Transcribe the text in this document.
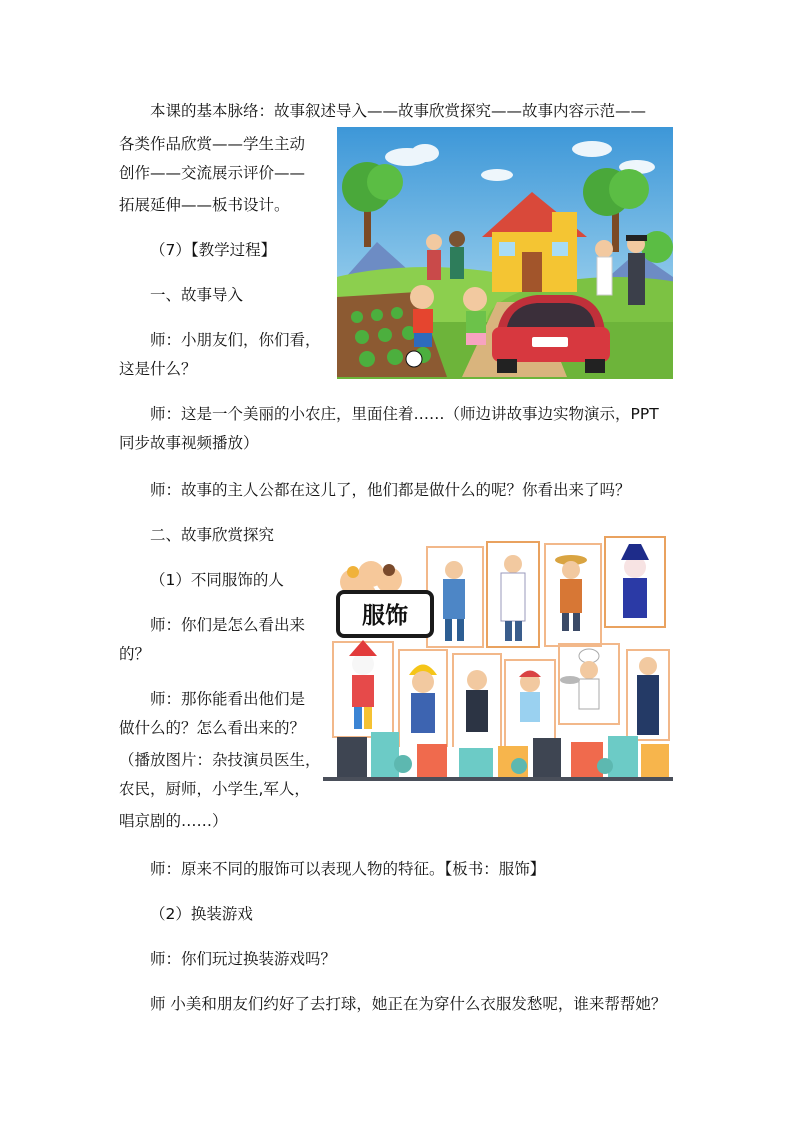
本课的基本脉络：故事叙述导入——故事欣赏探究——故事内容示范——

各类作品欣赏——学生主动

创作——交流展示评价——

拓展延伸——板书设计。

（7）【教学过程】

一、故事导入

师：小朋友们，你们看，

这是什么？

师：这是一个美丽的小农庄，里面住着……（师边讲故事边实物演示，PPT

同步故事视频播放）

师：故事的主人公都在这儿了，他们都是做什么的呢？你看出来了吗？

二、故事欣赏探究

（1）不同服饰的人

师：你们是怎么看出来

的？

师：那你能看出他们是

做什么的？怎么看出来的？

（播放图片：杂技演员医生，

农民，厨师，小学生,军人，

唱京剧的……）

师：原来不同的服饰可以表现人物的特征。【板书：服饰】

（2）换装游戏

师：你们玩过换装游戏吗？

师 小美和朋友们约好了去打球，她正在为穿什么衣服发愁呢，谁来帮帮她？

服饰
